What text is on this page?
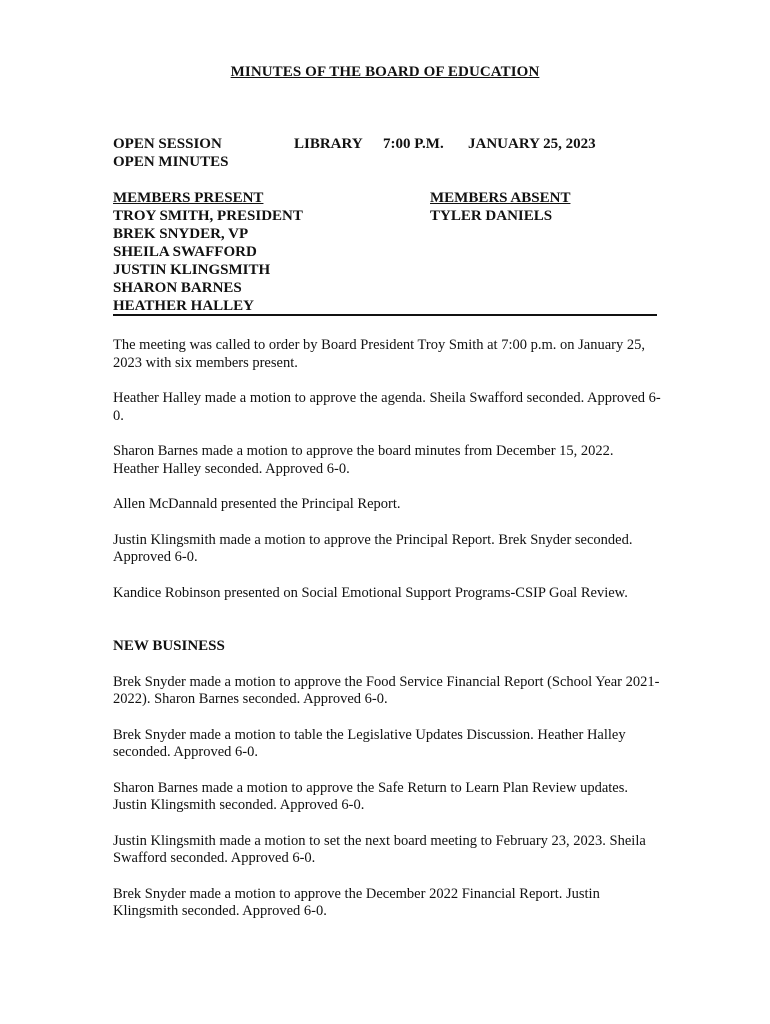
MINUTES OF THE BOARD OF EDUCATION
OPEN SESSION	LIBRARY 7:00 P.M. JANUARY 25, 2023
OPEN MINUTES
MEMBERS PRESENT
TROY SMITH, PRESIDENT
BREK SNYDER, VP
SHEILA SWAFFORD
JUSTIN KLINGSMITH
SHARON BARNES
HEATHER HALLEY
MEMBERS ABSENT
TYLER DANIELS

The meeting was called to order by Board President Troy Smith at 7:00 p.m. on January 25, 2023 with six members present.

Heather Halley made a motion to approve the agenda. Sheila Swafford seconded. Approved 6-0.

Sharon Barnes made a motion to approve the board minutes from December 15, 2022. Heather Halley seconded. Approved 6-0.

Allen McDannald presented the Principal Report.

Justin Klingsmith made a motion to approve the Principal Report. Brek Snyder seconded. Approved 6-0.

Kandice Robinson presented on Social Emotional Support Programs-CSIP Goal Review.

NEW BUSINESS

Brek Snyder made a motion to approve the Food Service Financial Report (School Year 2021-2022). Sharon Barnes seconded. Approved 6-0.

Brek Snyder made a motion to table the Legislative Updates Discussion. Heather Halley seconded. Approved 6-0.

Sharon Barnes made a motion to approve the Safe Return to Learn Plan Review updates. Justin Klingsmith seconded. Approved 6-0.

Justin Klingsmith made a motion to set the next board meeting to February 23, 2023. Sheila Swafford seconded. Approved 6-0.

Brek Snyder made a motion to approve the December 2022 Financial Report. Justin Klingsmith seconded. Approved 6-0.
